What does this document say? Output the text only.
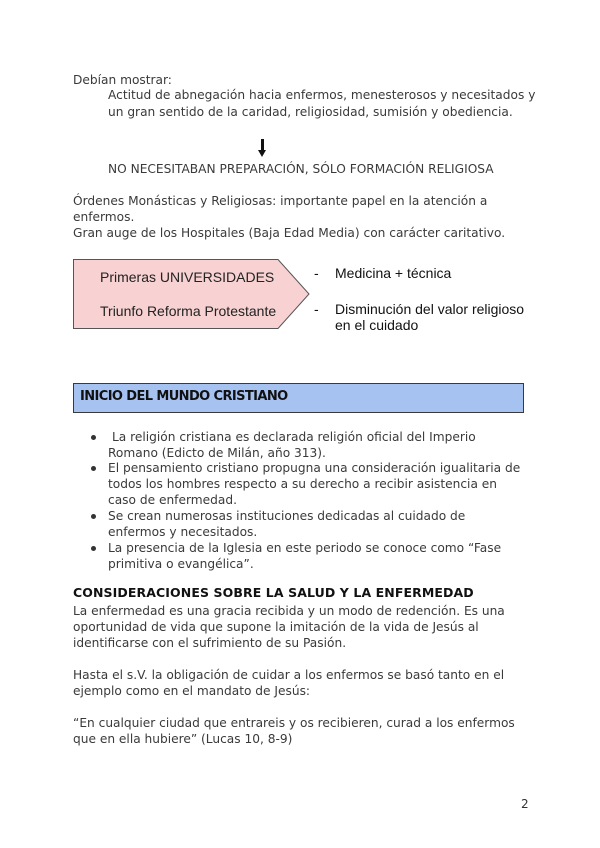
Debían mostrar:
Actitud de abnegación hacia enfermos, menesterosos y necesitados y un gran sentido de la caridad, religiosidad, sumisión y obediencia.
NO NECESITABAN PREPARACIÓN, SÓLO FORMACIÓN RELIGIOSA
Órdenes Monásticas y Religiosas: importante papel en la atención a
enfermos.
Gran auge de los Hospitales (Baja Edad Media) con carácter caritativo.
Primeras UNIVERSIDADES
Triunfo Reforma Protestante
- Medicina + técnica
- Disminución del valor religioso
en el cuidado
INICIO DEL MUNDO CRISTIANO
La religión cristiana es declarada religión oficial del Imperio
Romano (Edicto de Milán, año 313).
El pensamiento cristiano propugna una consideración igualitaria de
todos los hombres respecto a su derecho a recibir asistencia en
caso de enfermedad.
Se crean numerosas instituciones dedicadas al cuidado de
enfermos y necesitados.
La presencia de la Iglesia en este periodo se conoce como “Fase
primitiva o evangélica”.
CONSIDERACIONES SOBRE LA SALUD Y LA ENFERMEDAD
La enfermedad es una gracia recibida y un modo de redención. Es una
oportunidad de vida que supone la imitación de la vida de Jesús al
identificarse con el sufrimiento de su Pasión.
Hasta el s.V. la obligación de cuidar a los enfermos se basó tanto en el
ejemplo como en el mandato de Jesús:
“En cualquier ciudad que entrareis y os recibieren, curad a los enfermos
que en ella hubiere” (Lucas 10, 8-9)
2
